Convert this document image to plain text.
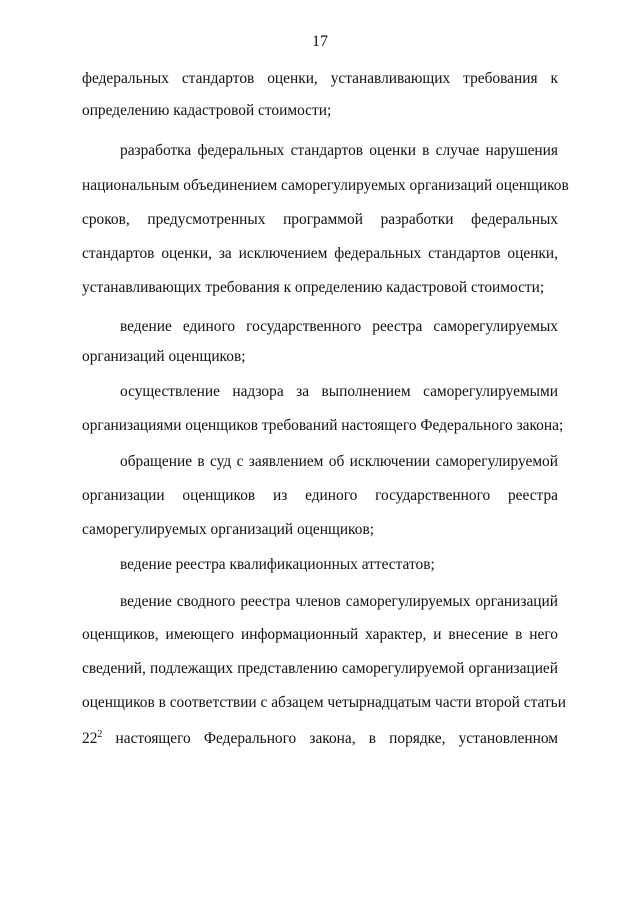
17
федеральных стандартов оценки, устанавливающих требования к
определению кадастровой стоимости;
разработка федеральных стандартов оценки в случае нарушения
национальным объединением саморегулируемых организаций оценщиков
сроков, предусмотренных программой разработки федеральных
стандартов оценки, за исключением федеральных стандартов оценки,
устанавливающих требования к определению кадастровой стоимости;
ведение единого государственного реестра саморегулируемых
организаций оценщиков;
осуществление надзора за выполнением саморегулируемыми
организациями оценщиков требований настоящего Федерального закона;
обращение в суд с заявлением об исключении саморегулируемой
организации оценщиков из единого государственного реестра
саморегулируемых организаций оценщиков;
ведение реестра квалификационных аттестатов;
ведение сводного реестра членов саморегулируемых организаций
оценщиков, имеющего информационный характер, и внесение в него
сведений, подлежащих представлению саморегулируемой организацией
оценщиков в соответствии с абзацем четырнадцатым части второй статьи
$22^2$ настоящего Федерального закона, в порядке, установленном
